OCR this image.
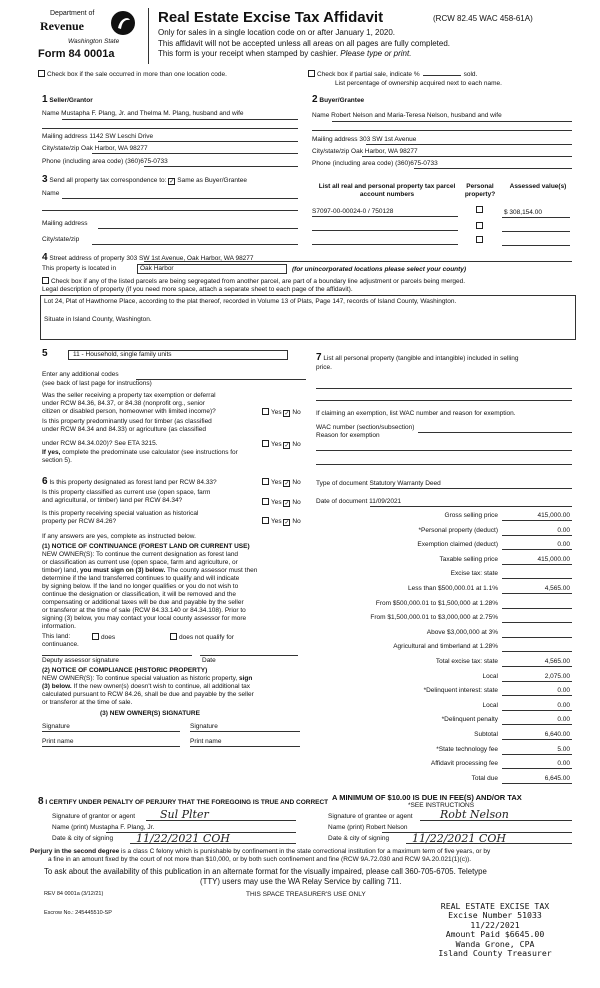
Department of
Revenue
Washington State
Form 84 0001a
Real Estate Excise Tax Affidavit	(RCW 82.45 WAC 458-61A)
Only for sales in a single location code on or after January 1, 2020.
This affidavit will not be accepted unless all areas on all pages are fully completed.
This form is your receipt when stamped by cashier. Please type or print.
Check box if the sale occurred in more than one location code.	Check box if partial sale, indicate %	sold.
List percentage of ownership acquired next to each name.
1 Seller/Grantor
Name Mustapha F. Plang, Jr. and Thelma M. Plang, husband and wife
Mailing address 1142 SW Leschi Drive
City/state/zip Oak Harbor, WA 98277
Phone (including area code) (360)675-0733
2 Buyer/Grantee
Name Robert Nelson and Maria-Teresa Nelson, husband and wife
Mailing address 303 SW 1st Avenue
City/state/zip Oak Harbor, WA 98277
Phone (including area code) (360)675-0733
3 Send all property tax correspondence to: ✓ Same as Buyer/Grantee
Name
Mailing address
City/state/zip
List all real and personal property tax parcel account numbers
Personal property?
Assessed value(s)
S7097-00-00024-0 / 750128	$ 308,154.00
4 Street address of property 303 SW 1st Avenue, Oak Harbor, WA 98277
This property is located in	Oak Harbor	(for unincorporated locations please select your county)
Check box if any of the listed parcels are being segregated from another parcel, are part of a boundary line adjustment or parcels being merged.
Legal description of property (if you need more space, attach a separate sheet to each page of the affidavit).
Lot 24, Plat of Hawthorne Place, according to the plat thereof, recorded in Volume 13 of Plats, Page 147, records of Island County, Washington.
Situate in Island County, Washington.
5	11 - Household, single family units
Enter any additional codes
(see back of last page for instructions)
Was the seller receiving a property tax exemption or deferral
under RCW 84.36, 84.37, or 84.38 (nonprofit org., senior
citizen or disabled person, homeowner with limited income)?	Yes ✓ No
Is this property predominantly used for timber (as classified
under RCW 84.34 and 84.33) or agriculture (as classified
under RCW 84.34.020)? See ETA 3215.	Yes ✓ No
If yes, complete the predominate use calculator (see instructions for
section 5).
6 Is this property designated as forest land per RCW 84.33?	Yes ✓ No
Is this property classified as current use (open space, farm
and agricultural, or timber) land per RCW 84.34?	Yes ✓ No
Is this property receiving special valuation as historical
property per RCW 84.26?	Yes ✓ No
If any answers are yes, complete as instructed below.
(1) NOTICE OF CONTINUANCE (FOREST LAND OR CURRENT USE)
NEW OWNER(S): To continue the current designation as forest land
or classification as current use (open space, farm and agriculture, or
timber) land, you must sign on (3) below. The county assessor must then
determine if the land transferred continues to qualify and will indicate
by signing below. If the land no longer qualifies or you do not wish to
continue the designation or classification, it will be removed and the
compensating or additional taxes will be due and payable by the seller
or transferor at the time of sale (RCW 84.33.140 or 84.34.108). Prior to
signing (3) below, you may contact your local county assessor for more
information.
This land:	does	does not qualify for
continuance.
Deputy assessor signature	Date
(2) NOTICE OF COMPLIANCE (HISTORIC PROPERTY)
NEW OWNER(S): To continue special valuation as historic property, sign
(3) below. If the new owner(s) doesn't wish to continue, all additional tax
calculated pursuant to RCW 84.26, shall be due and payable by the seller
or transferor at the time of sale.
(3) NEW OWNER(S) SIGNATURE
Signature	Signature
Print name	Print name
7 List all personal property (tangible and intangible) included in selling
price.
If claiming an exemption, list WAC number and reason for exemption.
WAC number (section/subsection)
Reason for exemption
Type of document Statutory Warranty Deed
Date of document 11/09/2021
Gross selling price	415,000.00
*Personal property (deduct)	0.00
Exemption claimed (deduct)	0.00
Taxable selling price	415,000.00
Excise tax: state
Less than $500,000.01 at 1.1%	4,565.00
From $500,000.01 to $1,500,000 at 1.28%
From $1,500,000.01 to $3,000,000 at 2.75%
Above $3,000,000 at 3%
Agricultural and timberland at 1.28%
Total excise tax: state	4,565.00
Local	2,075.00
*Delinquent interest: state	0.00
Local	0.00
*Delinquent penalty	0.00
Subtotal	6,640.00
*State technology fee	5.00
Affidavit processing fee	0.00
Total due	6,645.00
A MINIMUM OF $10.00 IS DUE IN FEE(S) AND/OR TAX
*SEE INSTRUCTIONS
8 I CERTIFY UNDER PENALTY OF PERJURY THAT THE FOREGOING IS TRUE AND CORRECT
Signature of grantor or agent Sul Plter
Name (print) Mustapha F. Plang, Jr.
Date & city of signing 11/22/2021 COH
Signature of grantee or agent Robt Nelson
Name (print) Robert Nelson
Date & city of signing 11/22/2021 COH
Perjury in the second degree is a class C felony which is punishable by confinement in the state correctional institution for a maximum term of five years, or by
a fine in an amount fixed by the court of not more than $10,000, or by both such confinement and fine (RCW 9A.72.030 and RCW 9A.20.021(1)(c)).
To ask about the availability of this publication in an alternate format for the visually impaired, please call 360-705-6705. Teletype
(TTY) users may use the WA Relay Service by calling 711.
REV 84 0001a (3/12/21)	THIS SPACE TREASURER'S USE ONLY
Escrow No.: 245445510-SP
REAL ESTATE EXCISE TAX
Excise Number 51033
11/22/2021
Amount Paid $6645.00
Wanda Grone, CPA
Island County Treasurer
